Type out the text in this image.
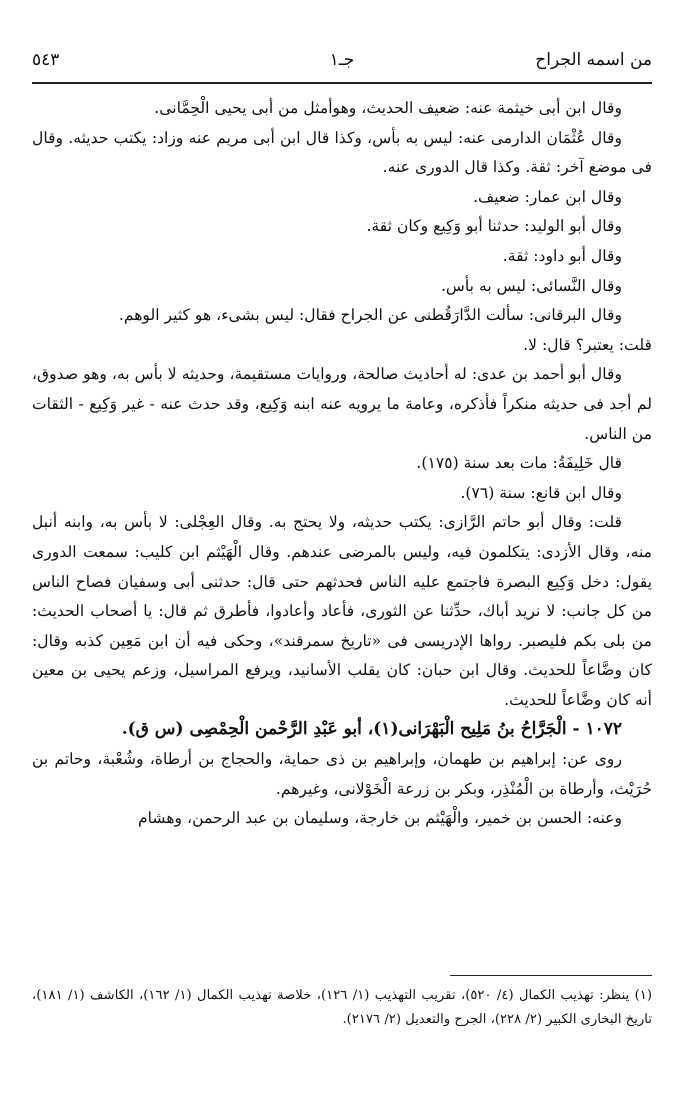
من اسمه الجراح
جـ۱
٥٤٣

وقال ابن أبى خيثمة عنه: ضعيف الحديث، وهوأمثل من أبى يحيى الْحِمَّانى.

وقال عُثْمَان الدارمى عنه: ليس به بأس، وكذا قال ابن أبى مريم عنه وزاد: يكتب حديثه. وقال فى موضع آخر: ثقة. وكذا قال الدورى عنه.

وقال ابن عمار: ضعيف.

وقال أبو الوليد: حدثنا أبو وَكِيع وكان ثقة.

وقال أبو داود: ثقة.

وقال النَّسائى: ليس به بأس.

وقال البرقانى: سألت الدَّارَقُطنى عن الجراح فقال: ليس بشىء، هو كثير الوهم.

قلت: يعتبر؟ قال: لا.

وقال أبو أحمد بن عدى: له أحاديث صالحة، وروايات مستقيمة، وحديثه لا بأس به، وهو صدوق، لم أجد فى حديثه منكراً فأذكره، وعامة ما يرويه عنه ابنه وَكِيع، وقد حدث عنه - غير وَكِيع - الثقات من الناس.

قال خَلِيفَةُ: مات بعد سنة (١٧٥).

وقال ابن قانع: سنة (٧٦).

قلت: وقال أبو حاتم الرَّازى: يكتب حديثه، ولا يحتج به. وقال العِجْلى: لا بأس به، وابنه أنبل منه، وقال الأزدى: يتكلمون فيه، وليس بالمرضى عندهم. وقال الْهَيْثم ابن كليب: سمعت الدورى يقول: دخل وَكِيع البصرة فاجتمع عليه الناس فحدثهم حتى قال: حدثنى أبى وسفيان فصاح الناس من كل جانب: لا نريد أباك، حدِّثنا عن الثورى، فأعاد وأعادوا، فأطرق ثم قال: يا أصحاب الحديث: من بلى بكم فليصبر. رواها الإدريسى فى «تاريخ سمرقند»، وحكى فيه أن ابن مَعِين كذبه وقال: كان وضَّاعاً للحديث. وقال ابن حبان: كان يقلب الأسانيد، ويرفع المراسيل، وزعم يحيى بن معين أنه كان وضَّاعاً للحديث.

۱۰۷۲ - الْجَرَّاحُ بنُ مَلِيح الْبَهْرَانى(١)، أبو عَبْدِ الرَّحْمن الْحِمْصِى (س ق).

روى عن: إبراهيم بن طهمان، وإبراهيم بن ذى حماية، والحجاج بن أرطاة، وشُعْبة، وحاتم بن حُرَيْث، وأرطاة بن الْمُنْذِر، وبكر بن زرعة الْخَوْلانى، وغيرهم.

وعنه: الحسن بن خمير، والْهَيْثم بن خارجة، وسليمان بن عبد الرحمن، وهشام

(١) ينظر: تهذيب الكمال (٤/ ٥٢٠)، تقريب التهذيب (١/ ١٢٦)، خلاصة تهذيب الكمال (١/ ١٦٢)، الكاشف (١/ ١٨١)، تاريخ البخارى الكبير (٢/ ٢٢٨)، الجرح والتعديل (٢/ ٢١٧٦).
